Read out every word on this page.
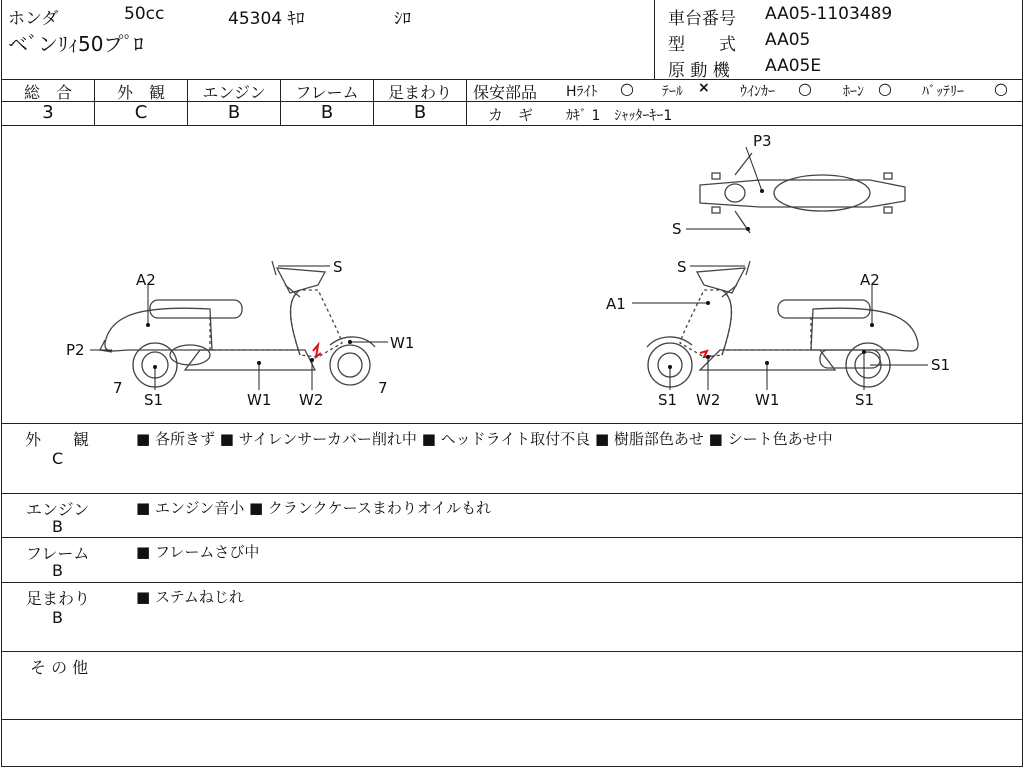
ホンダ	50cc	45304 ｷﾛ	ｼﾛ
ベﾞンﾘｨ50プﾟﾛ
車台番号 AA05-1103489
型　　式 AA05
原 動 機 AA05E
総　合	外　観	エンジン	フレーム	足まわり
3	C	B	B	B
保安部品 Hﾗｲﾄ ○ ﾃｰﾙ × ｳｲﾝｶｰ ○ ﾎｰﾝ ○ ﾊﾞｯﾃﾘｰ ○
カ　ギ ｶｷﾞ 1　ｼｬｯﾀｰｷｰ1
P3
S
S
A2
P2	W1
7
S1	W1 W2
7
S
A1
A2
S1
S1 W2 W1	S1
外　　観
C
■ 各所きず ■ サイレンサーカバー削れ中 ■ ヘッドライト取付不良 ■ 樹脂部色あせ ■ シート色あせ中
エンジン
B
■ エンジン音小 ■ クランクケースまわりオイルもれ
フレーム
B
■ フレームさび中
足まわり
B
■ ステムねじれ
そ の 他
